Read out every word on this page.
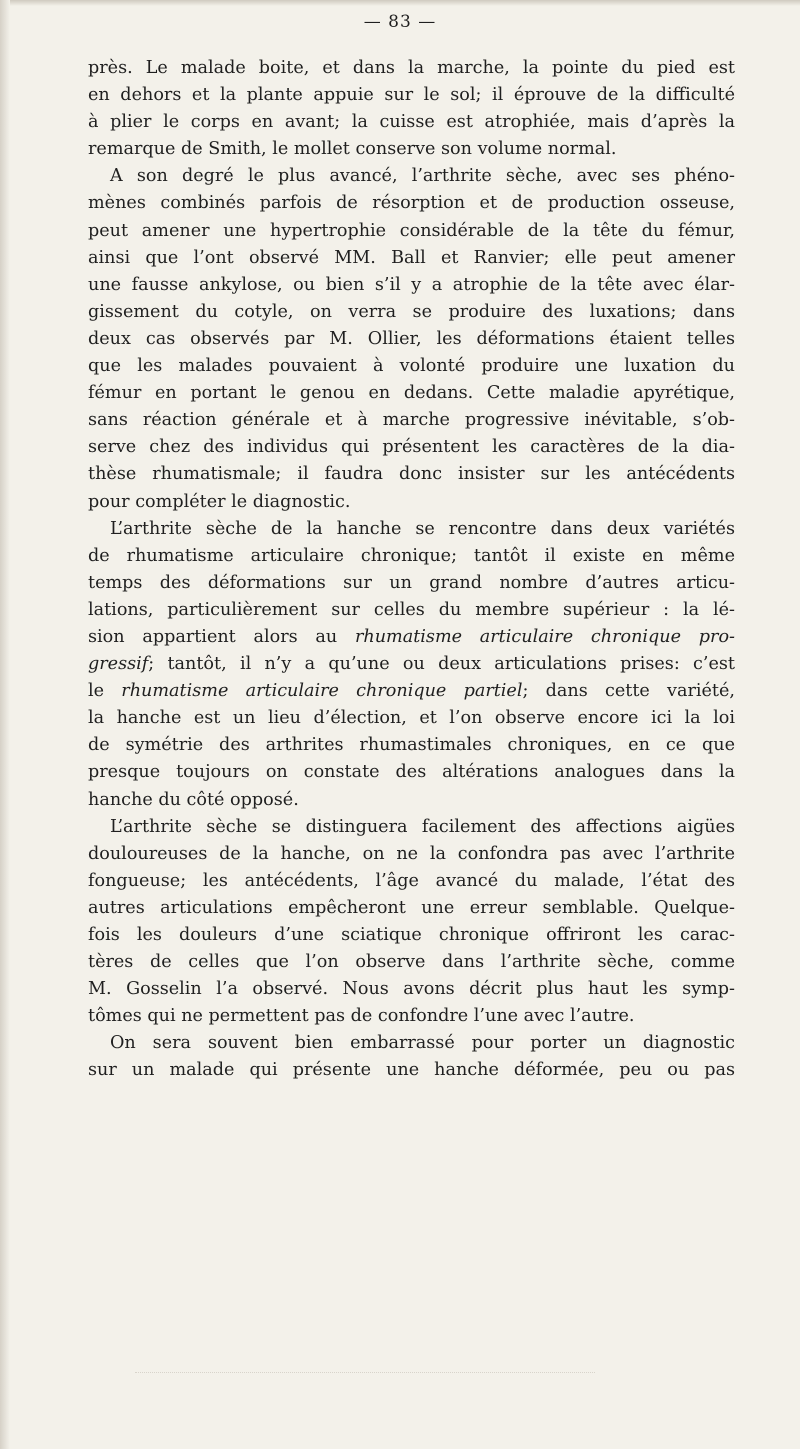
— 83 —
près. Le malade boite, et dans la marche, la pointe du pied est
en dehors et la plante appuie sur le sol; il éprouve de la difficulté
à plier le corps en avant; la cuisse est atrophiée, mais d’après la
remarque de Smith, le mollet conserve son volume normal.
A son degré le plus avancé, l’arthrite sèche, avec ses phéno-
mènes combinés parfois de résorption et de production osseuse,
peut amener une hypertrophie considérable de la tête du fémur,
ainsi que l’ont observé MM. Ball et Ranvier; elle peut amener
une fausse ankylose, ou bien s’il y a atrophie de la tête avec élar-
gissement du cotyle, on verra se produire des luxations; dans
deux cas observés par M. Ollier, les déformations étaient telles
que les malades pouvaient à volonté produire une luxation du
fémur en portant le genou en dedans. Cette maladie apyrétique,
sans réaction générale et à marche progressive inévitable, s’ob-
serve chez des individus qui présentent les caractères de la dia-
thèse rhumatismale; il faudra donc insister sur les antécédents
pour compléter le diagnostic.
L’arthrite sèche de la hanche se rencontre dans deux variétés
de rhumatisme articulaire chronique; tantôt il existe en même
temps des déformations sur un grand nombre d’autres articu-
lations, particulièrement sur celles du membre supérieur : la lé-
sion appartient alors au rhumatisme articulaire chronique pro-
gressif; tantôt, il n’y a qu’une ou deux articulations prises: c’est
le rhumatisme articulaire chronique partiel; dans cette variété,
la hanche est un lieu d’élection, et l’on observe encore ici la loi
de symétrie des arthrites rhumastimales chroniques, en ce que
presque toujours on constate des altérations analogues dans la
hanche du côté opposé.
L’arthrite sèche se distinguera facilement des affections aigües
douloureuses de la hanche, on ne la confondra pas avec l’arthrite
fongueuse; les antécédents, l’âge avancé du malade, l’état des
autres articulations empêcheront une erreur semblable. Quelque-
fois les douleurs d’une sciatique chronique offriront les carac-
tères de celles que l’on observe dans l’arthrite sèche, comme
M. Gosselin l’a observé. Nous avons décrit plus haut les symp-
tômes qui ne permettent pas de confondre l’une avec l’autre.
On sera souvent bien embarrassé pour porter un diagnostic
sur un malade qui présente une hanche déformée, peu ou pas
